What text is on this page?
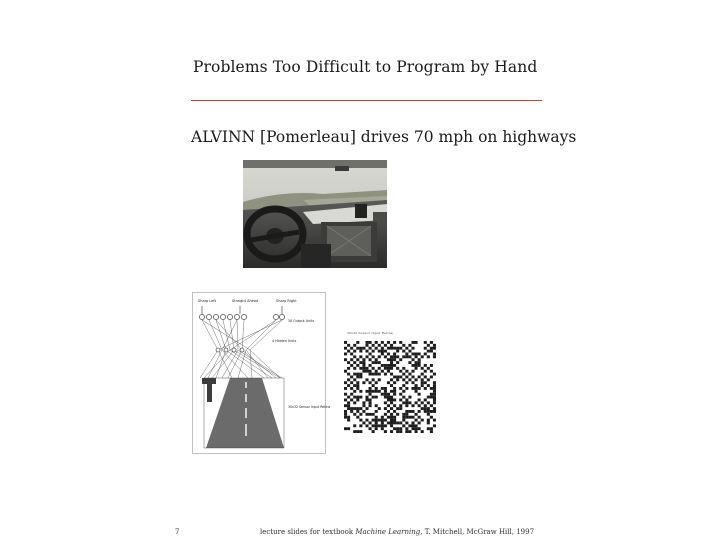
Problems Too Difficult to Program by Hand
ALVINN [Pomerleau] drives 70 mph on highways
Sharp Left	Straight Ahead	Sharp Right
30 Output Units
4 Hidden Units
30x32 Sensor Input Retina
30x32 Sensor Input Retina
7	lecture slides for textbook Machine Learning, T. Mitchell, McGraw Hill, 1997
